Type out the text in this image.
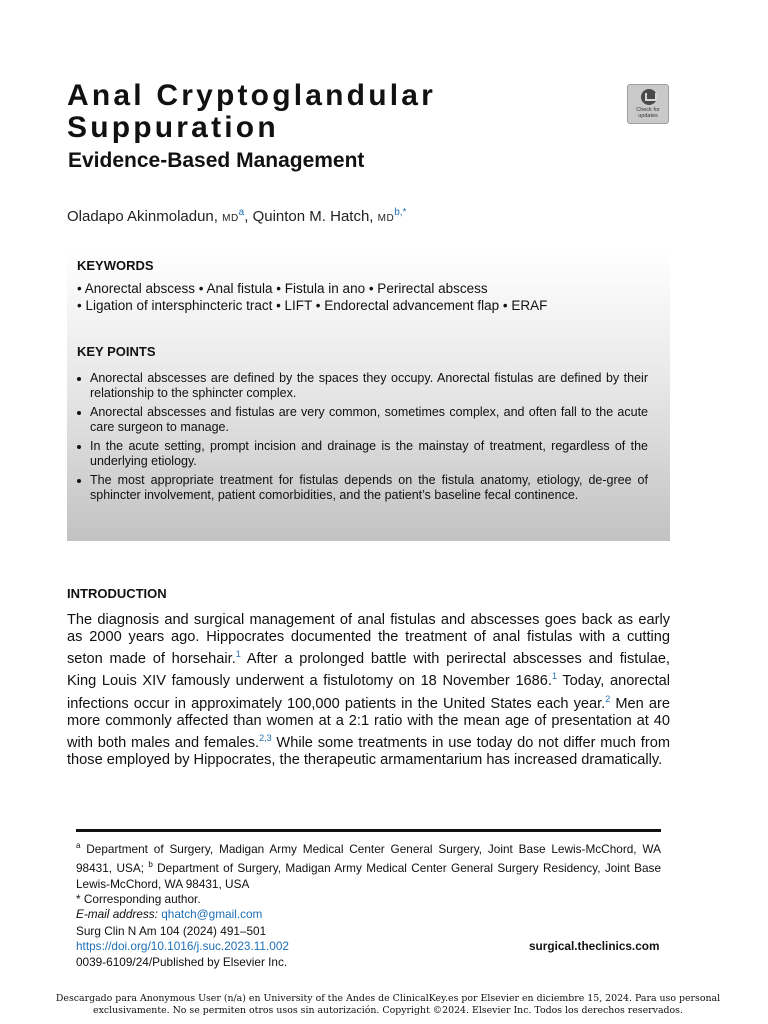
Anal Cryptoglandular
Suppuration
Evidence-Based Management
Check for
updates
Oladapo Akinmoladun, $MD^a$, Quinton M. Hatch, $MD^{b,*}$
KEYWORDS
• Anorectal abscess • Anal fistula • Fistula in ano • Perirectal abscess
• Ligation of intersphincteric tract • LIFT • Endorectal advancement flap • ERAF
KEY POINTS
Anorectal abscesses are defined by the spaces they occupy. Anorectal fistulas are defined by their relationship to the sphincter complex.
Anorectal abscesses and fistulas are very common, sometimes complex, and often fall to the acute care surgeon to manage.
In the acute setting, prompt incision and drainage is the mainstay of treatment, regardless of the underlying etiology.
The most appropriate treatment for fistulas depends on the fistula anatomy, etiology, de-gree of sphincter involvement, patient comorbidities, and the patient’s baseline fecal continence.
INTRODUCTION

The diagnosis and surgical management of anal fistulas and abscesses goes back as early as 2000 years ago. Hippocrates documented the treatment of anal fistulas with a cutting seton made of horsehair.$^1$ After a prolonged battle with perirectal abscesses and fistulae, King Louis XIV famously underwent a fistulotomy on 18 November 1686.$^1$ Today, anorectal infections occur in approximately 100,000 patients in the United States each year.$^2$ Men are more commonly affected than women at a 2:1 ratio with the mean age of presentation at 40 with both males and females.$^{2,3}$ While some treatments in use today do not differ much from those employed by Hippocrates, the therapeutic armamentarium has increased dramatically.

$^a$ Department of Surgery, Madigan Army Medical Center General Surgery, Joint Base Lewis-McChord, WA 98431, USA; $^b$ Department of Surgery, Madigan Army Medical Center General Surgery Residency, Joint Base Lewis-McChord, WA 98431, USA
* Corresponding author.
E-mail address: qhatch@gmail.com
Surg Clin N Am 104 (2024) 491–501
https://doi.org/10.1016/j.suc.2023.11.002
0039-6109/24/Published by Elsevier Inc.
surgical.theclinics.com
Descargado para Anonymous User (n/a) en University of the Andes de ClinicalKey.es por Elsevier en diciembre 15, 2024. Para uso personal exclusivamente. No se permiten otros usos sin autorización. Copyright ©2024. Elsevier Inc. Todos los derechos reservados.
